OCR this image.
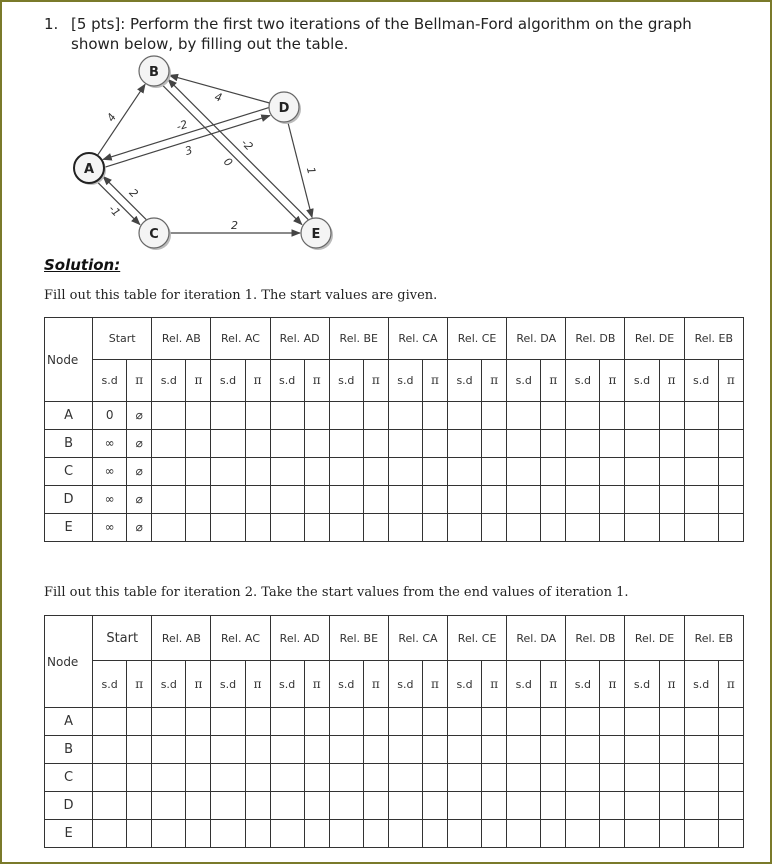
1. [5 pts]: Perform the first two iterations of the Bellman-Ford algorithm on the graph shown below, by filling out the table.
4
4
3
-2
0
-2
1
-1
2
2
A
B
C
D
E
Solution:
Fill out this table for iteration 1. The start values are given.
Node	Start		Rel. AB		Rel. AC		Rel. AD		Rel. BE		Rel. CA		Rel. CE		Rel. DA		Rel. DB		Rel. DE		Rel. EB	
	s.d	π	s.d	π	s.d	π	s.d	π	s.d	π	s.d	π	s.d	π	s.d	π	s.d	π	s.d	π	s.d	π
A	0	⌀																				
B	∞	⌀																				
C	∞	⌀																				
D	∞	⌀																				
E	∞	⌀																				
Fill out this table for iteration 2. Take the start values from the end values of iteration 1.
Node	Start		Rel. AB		Rel. AC		Rel. AD		Rel. BE		Rel. CA		Rel. CE		Rel. DA		Rel. DB		Rel. DE		Rel. EB	
	s.d	π	s.d	π	s.d	π	s.d	π	s.d	π	s.d	π	s.d	π	s.d	π	s.d	π	s.d	π	s.d	π
A																						
B																						
C																						
D																						
E																						
